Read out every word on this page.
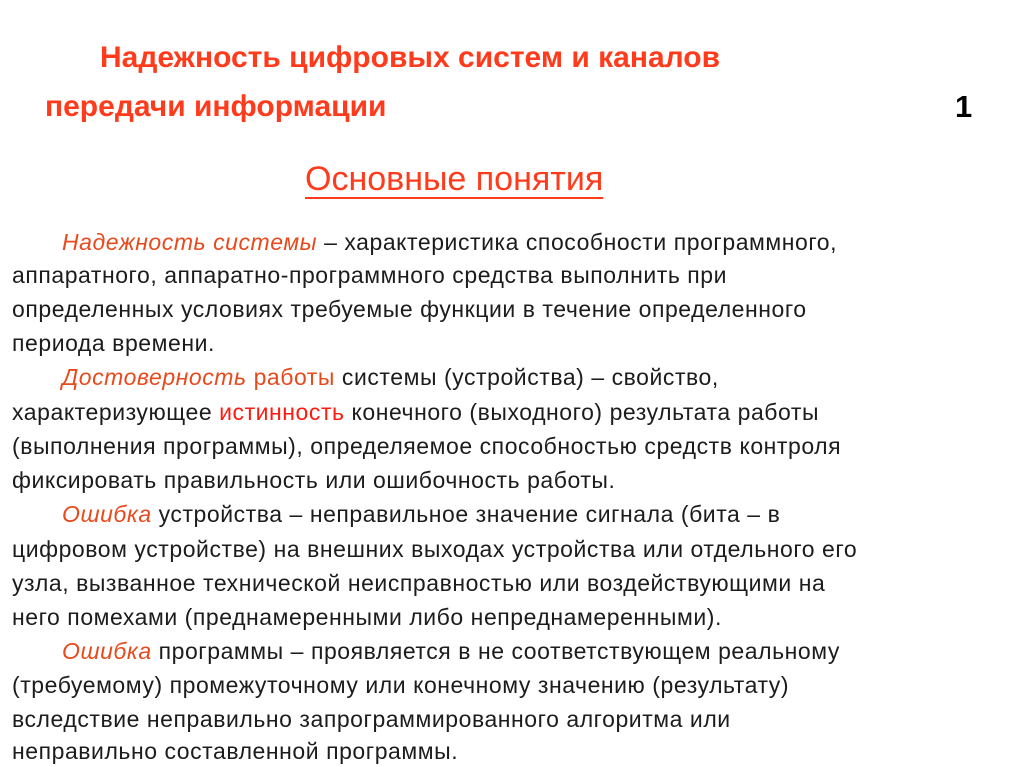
Надежность цифровых систем и каналов
передачи информации	1
Основные понятия
Надежность системы – характеристика способности программного,
аппаратного, аппаратно-программного средства выполнить при
определенных условиях требуемые функции в течение определенного
периода времени.
Достоверность работы системы (устройства) – свойство,
характеризующее истинность конечного (выходного) результата работы
(выполнения программы), определяемое способностью средств контроля
фиксировать правильность или ошибочность работы.
Ошибка устройства – неправильное значение сигнала (бита – в
цифровом устройстве) на внешних выходах устройства или отдельного его
узла, вызванное технической неисправностью или воздействующими на
него помехами (преднамеренными либо непреднамеренными).
Ошибка программы – проявляется в не соответствующем реальному
(требуемому) промежуточному или конечному значению (результату)
вследствие неправильно запрограммированного алгоритма или
неправильно составленной программы.
